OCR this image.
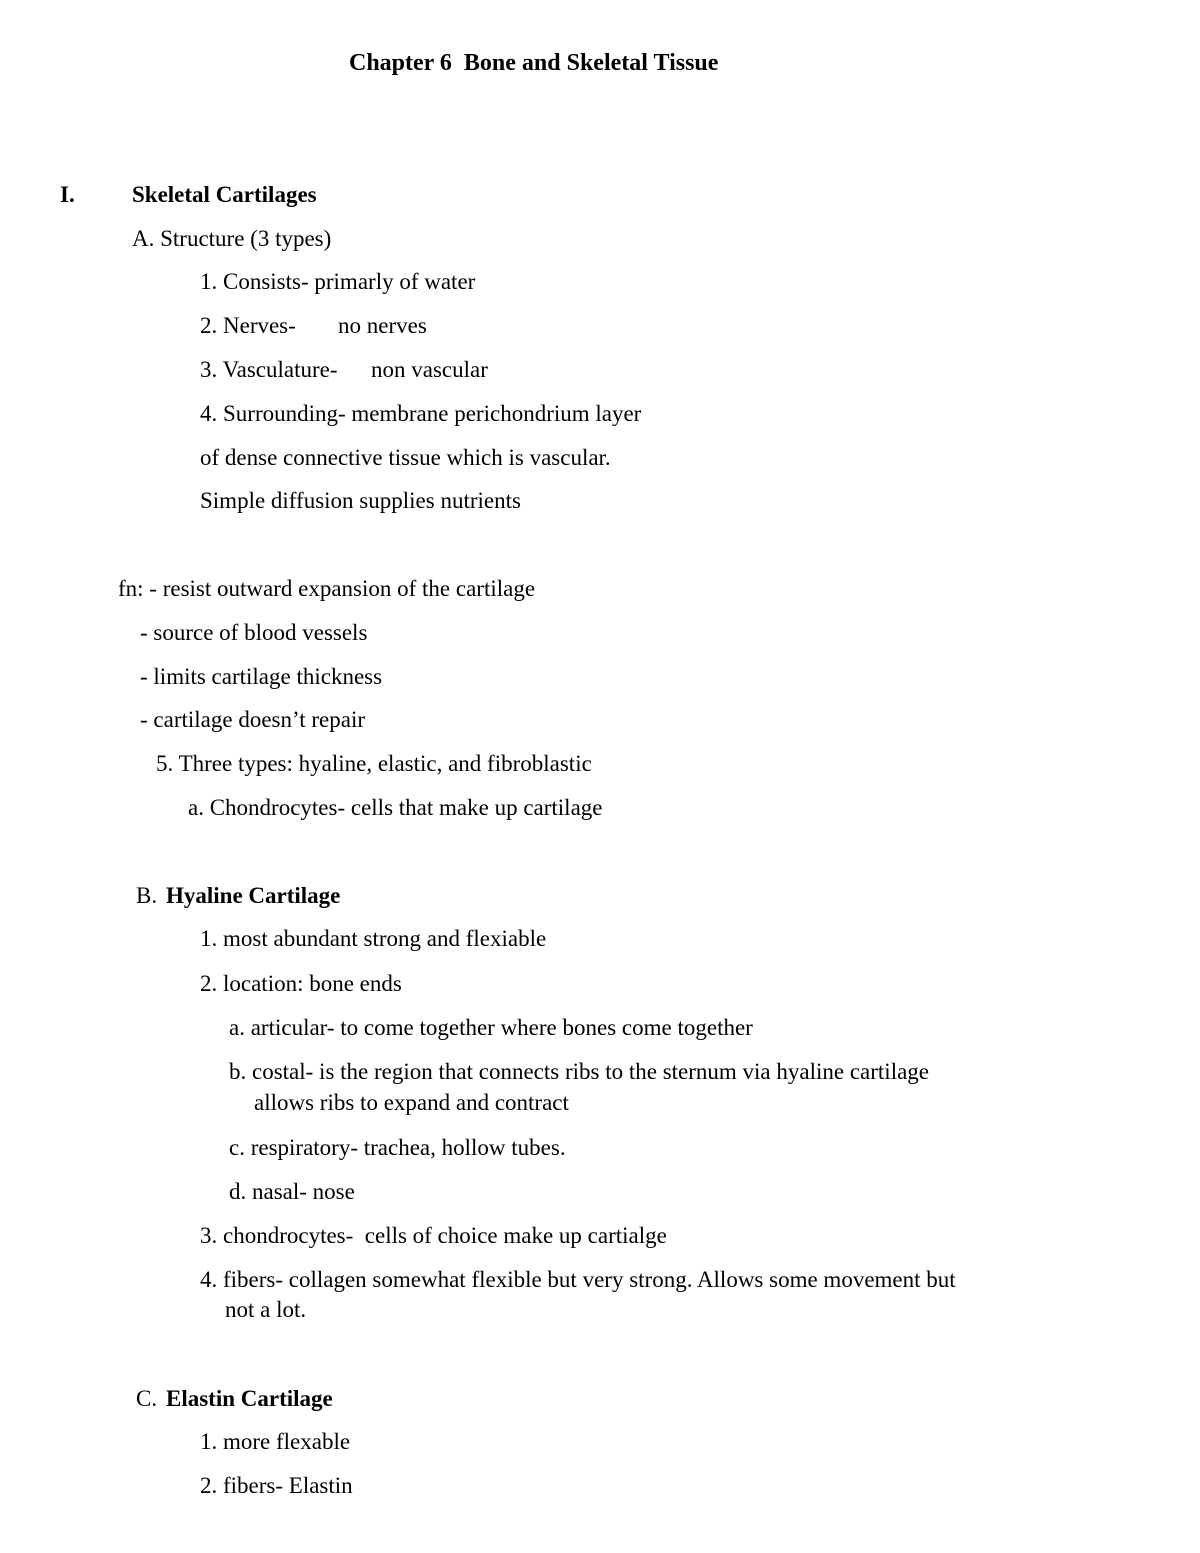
Chapter 6  Bone and Skeletal Tissue
I. Skeletal Cartilages
A. Structure (3 types)
1. Consists- primarly of water
2. Nerves- no nerves
3. Vasculature- non vascular
4. Surrounding- membrane perichondrium layer
of dense connective tissue which is vascular.
Simple diffusion supplies nutrients
fn: - resist outward expansion of the cartilage
- source of blood vessels
- limits cartilage thickness
- cartilage doesn’t repair
5. Three types: hyaline, elastic, and fibroblastic
a. Chondrocytes- cells that make up cartilage
B. Hyaline Cartilage
1. most abundant strong and flexiable
2. location: bone ends
a. articular- to come together where bones come together
b. costal- is the region that connects ribs to the sternum via hyaline cartilage
allows ribs to expand and contract
c. respiratory- trachea, hollow tubes.
d. nasal- nose
3. chondrocytes-  cells of choice make up cartialge
4. fibers- collagen somewhat flexible but very strong. Allows some movement but
not a lot.
C. Elastin Cartilage
1. more flexable
2. fibers- Elastin
